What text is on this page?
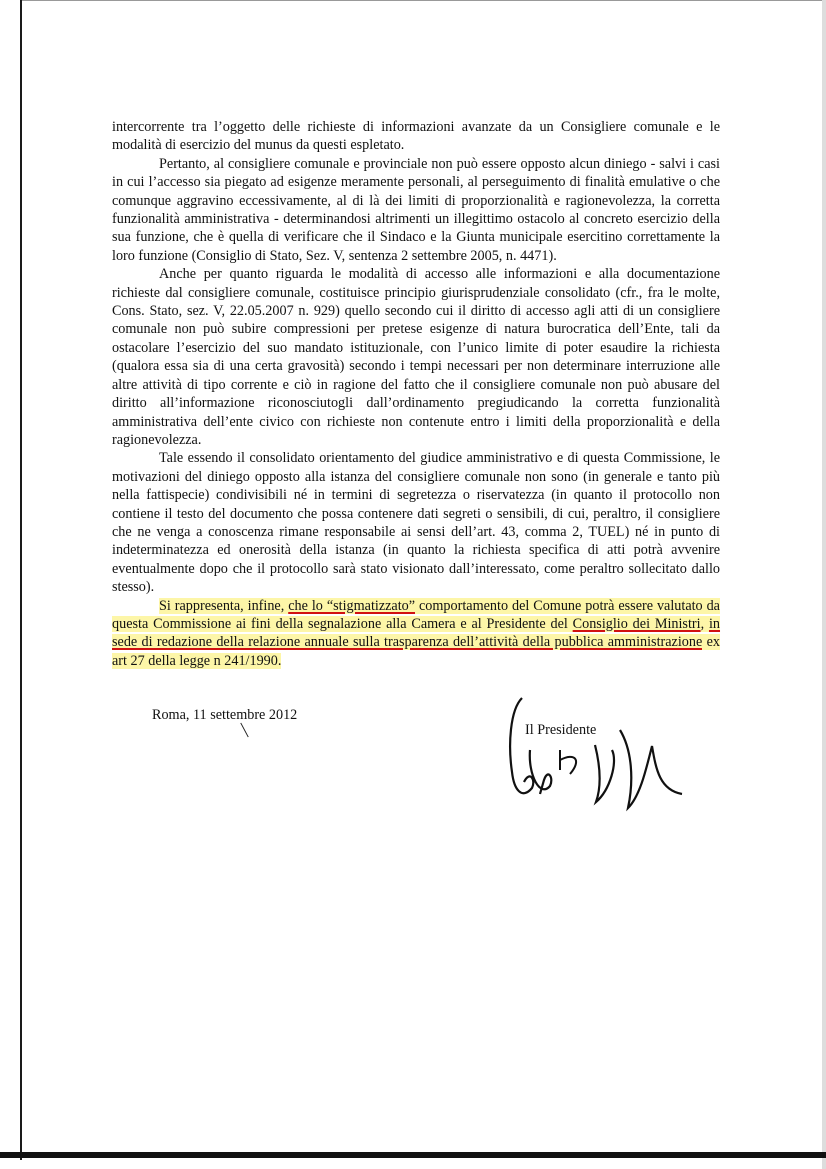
intercorrente tra l’oggetto delle richieste di informazioni avanzate da un Consigliere comunale e le modalità di esercizio del munus da questi espletato.

Pertanto, al consigliere comunale e provinciale non può essere opposto alcun diniego - salvi i casi in cui l’accesso sia piegato ad esigenze meramente personali, al perseguimento di finalità emulative o che comunque aggravino eccessivamente, al di là dei limiti di proporzionalità e ragionevolezza, la corretta funzionalità amministrativa - determinandosi altrimenti un illegittimo ostacolo al concreto esercizio della sua funzione, che è quella di verificare che il Sindaco e la Giunta municipale esercitino correttamente la loro funzione (Consiglio di Stato, Sez. V, sentenza 2 settembre 2005, n. 4471).

Anche per quanto riguarda le modalità di accesso alle informazioni e alla documentazione richieste dal consigliere comunale, costituisce principio giurisprudenziale consolidato (cfr., fra le molte, Cons. Stato, sez. V, 22.05.2007 n. 929) quello secondo cui il diritto di accesso agli atti di un consigliere comunale non può subire compressioni per pretese esigenze di natura burocratica dell’Ente, tali da ostacolare l’esercizio del suo mandato istituzionale, con l’unico limite di poter esaudire la richiesta (qualora essa sia di una certa gravosità) secondo i tempi necessari per non determinare interruzione alle altre attività di tipo corrente e ciò in ragione del fatto che il consigliere comunale non può abusare del diritto all’informazione riconosciutogli dall’ordinamento pregiudicando la corretta funzionalità amministrativa dell’ente civico con richieste non contenute entro i limiti della proporzionalità e della ragionevolezza.

Tale essendo il consolidato orientamento del giudice amministrativo e di questa Commissione, le motivazioni del diniego opposto alla istanza del consigliere comunale non sono (in generale e tanto più nella fattispecie) condivisibili né in termini di segretezza o riservatezza (in quanto il protocollo non contiene il testo del documento che possa contenere dati segreti o sensibili, di cui, peraltro, il consigliere che ne venga a conoscenza rimane responsabile ai sensi dell’art. 43, comma 2, TUEL) né in punto di indeterminatezza ed onerosità della istanza (in quanto la richiesta specifica di atti potrà avvenire eventualmente dopo che il protocollo sarà stato visionato dall’interessato, come peraltro sollecitato dallo stesso).

Si rappresenta, infine, che lo “stigmatizzato” comportamento del Comune potrà essere valutato da questa Commissione ai fini della segnalazione alla Camera e al Presidente del Consiglio dei Ministri, in sede di redazione della relazione annuale sulla trasparenza dell’attività della pubblica amministrazione ex art 27 della legge n 241/1990.

Roma, 11 settembre 2012
Il Presidente
